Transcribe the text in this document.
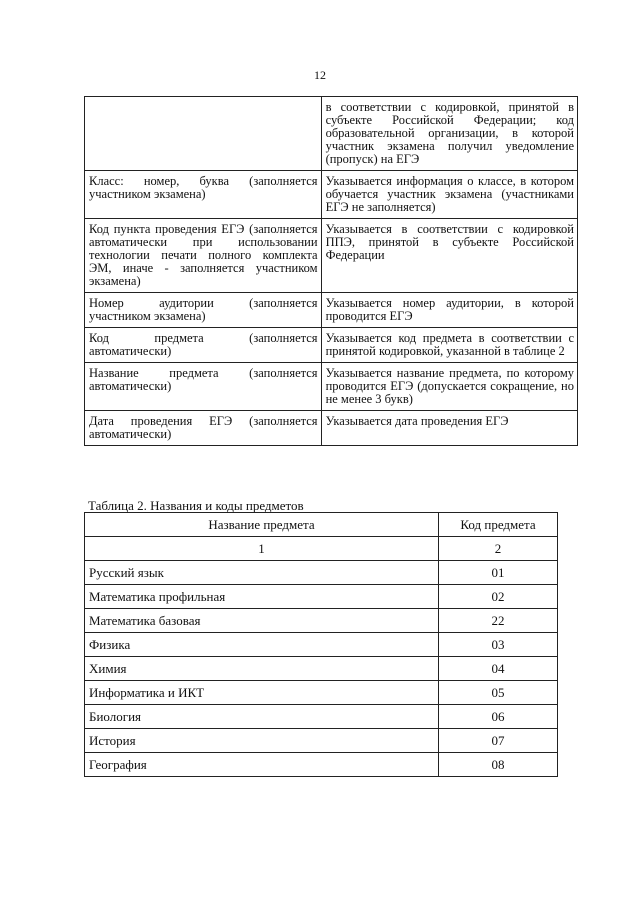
12
	в соответствии с кодировкой, принятой в субъекте Российской Федерации; код образовательной организации, в которой участник экзамена получил уведомление (пропуск) на ЕГЭ
Класс: номер, буква (заполняется участником экзамена)	Указывается информация о классе, в котором обучается участник экзамена (участниками ЕГЭ не заполняется)
Код пункта проведения ЕГЭ (заполняется автоматически при использовании технологии печати полного комплекта ЭМ, иначе - заполняется участником экзамена)	Указывается в соответствии с кодировкой ППЭ, принятой в субъекте Российской Федерации
Номер аудитории (заполняется участником экзамена)	Указывается номер аудитории, в которой проводится ЕГЭ
Код предмета (заполняется автоматически)	Указывается код предмета в соответствии с принятой кодировкой, указанной в таблице 2
Название предмета (заполняется автоматически)	Указывается название предмета, по которому проводится ЕГЭ (допускается сокращение, но не менее 3 букв)
Дата проведения ЕГЭ (заполняется автоматически)	Указывается дата проведения ЕГЭ
Таблица 2. Названия и коды предметов
Название предмета	Код предмета
1	2
Русский язык	01
Математика профильная	02
Математика базовая	22
Физика	03
Химия	04
Информатика и ИКТ	05
Биология	06
История	07
География	08
